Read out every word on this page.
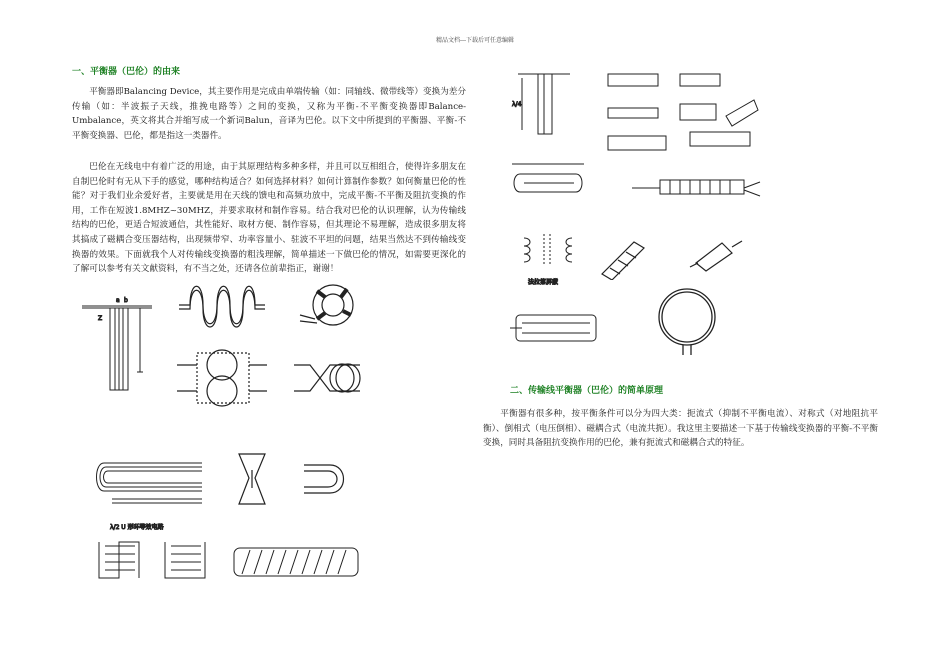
精品文档---下载后可任意编辑
一、平衡器（巴伦）的由来

平衡器即Balancing Device，其主要作用是完成由单端传输（如：同轴线、微带线等）变换为差分传输（如：半波振子天线，推挽电路等）之间的变换，又称为平衡-不平衡变换器即Balance-Umbalance，英文将其合并缩写成一个新词Balun，音译为巴伦。以下文中所提到的平衡器、平衡-不平衡变换器、巴伦，都是指这一类器件。

巴伦在无线电中有着广泛的用途，由于其原理结构多种多样，并且可以互相组合，使得许多朋友在自制巴伦时有无从下手的感觉，哪种结构适合？如何选择材料？如何计算制作参数？如何衡量巴伦的性能？对于我们业余爱好者，主要就是用在天线的馈电和高频功放中，完成平衡-不平衡及阻抗变换的作用，工作在短波1.8MHZ~30MHZ，并要求取材和制作容易。结合我对巴伦的认识理解，认为传输线结构的巴伦，更适合短波通信，其性能好、取材方便、制作容易，但其理论不易理解，造成很多朋友将其搞成了磁耦合变压器结构，出现频带窄、功率容量小、驻波不平坦的问题，结果当然达不到传输线变换器的效果。下面就我个人对传输线变换器的粗浅理解，简单描述一下做巴伦的情况，如需要更深化的了解可以参考有关文献资料，有不当之处，还请各位前辈指正，谢谢！

a b
Z
λ/2 U 形环等效电路
λ/4
法拉第屏蔽
二、传输线平衡器（巴伦）的简单原理

平衡器有很多种，按平衡条件可以分为四大类：扼流式（抑制不平衡电流）、对称式（对地阻抗平衡）、倒相式（电压倒相）、磁耦合式（电流共扼）。我这里主要描述一下基于传输线变换器的平衡-不平衡变换，同时具备阻抗变换作用的巴伦，兼有扼流式和磁耦合式的特征。
